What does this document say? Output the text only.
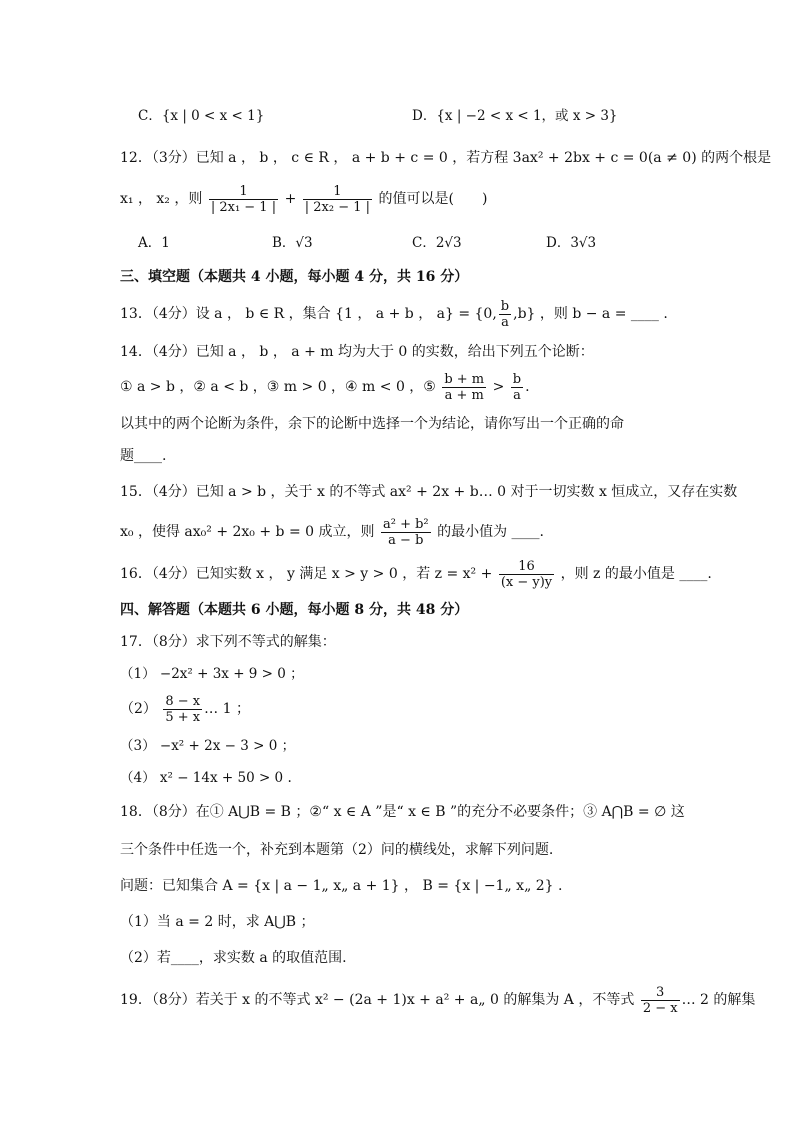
C．{x | 0 < x < 1}	D．{x | −2 < x < 1，或 x > 3}
12．（3分）已知 a ， b ， c ∈ R ， a + b + c = 0 ，若方程 3ax² + 2bx + c = 0(a ≠ 0) 的两个根是
x₁ ， x₂ ，则 $\frac{1}{\text{| 2x₁ − 1 |}} + \frac{1}{\text{| 2x₂ − 1 |}}$ 的值可以是(　　)
A．1	B．√3	C．2√3	D．3√3
三、填空题（本题共 4 小题，每小题 4 分，共 16 分）
13．（4分）设 a ， b ∈ R ，集合 {1 ， a + b ， a} = {0, $\frac{b}{a} ,b$} ，则 b − a = ____ .
14．（4分）已知 a ， b ， a + m 均为大于 0 的实数，给出下列五个论断：
① a > b ，② a < b ，③ m > 0 ，④ m < 0 ，⑤ $\frac{b + m}{a + m} > \frac{b}{a}$ .
以其中的两个论断为条件，余下的论断中选择一个为结论，请你写出一个正确的命
题____.
15．（4分）已知 a > b ，关于 x 的不等式 ax² + 2x + b… 0 对于一切实数 x 恒成立，又存在实数
x₀ ，使得 ax₀² + 2x₀ + b = 0 成立，则 $\frac{\text{a² + b²}}{a - b}$ 的最小值为 ____.
16．（4分）已知实数 x ， y 满足 x > y > 0 ，若 $z = x^2 + \frac{16}{(x - y)y}$ ，则 z 的最小值是 ____.
四、解答题（本题共 6 小题，每小题 8 分，共 48 分）
17．（8分）求下列不等式的解集：
（1） −2x² + 3x + 9 > 0 ；
$(2) \frac{8 - x}{5 + x}$ … 1 ；
（3） −x² + 2x − 3 > 0 ；
（4） x² − 14x + 50 > 0 .
18．（8分）在① A⋃B = B ；②“ x ∈ A ”是“ x ∈ B ”的充分不必要条件；③ A⋂B = ∅ 这
三个条件中任选一个，补充到本题第（2）问的横线处，求解下列问题.
问题：已知集合 A = {x | a − 1„ x„ a + 1} ， B = {x | −1„ x„ 2} .
（1）当 a = 2 时，求 A⋃B ；
（2）若____，求实数 a 的取值范围.
19．（8分）若关于 x 的不等式 x² − (2a + 1)x + a² + a„ 0 的解集为 A ，不等式 $\frac{3}{2 - x}$ … 2 的解集
